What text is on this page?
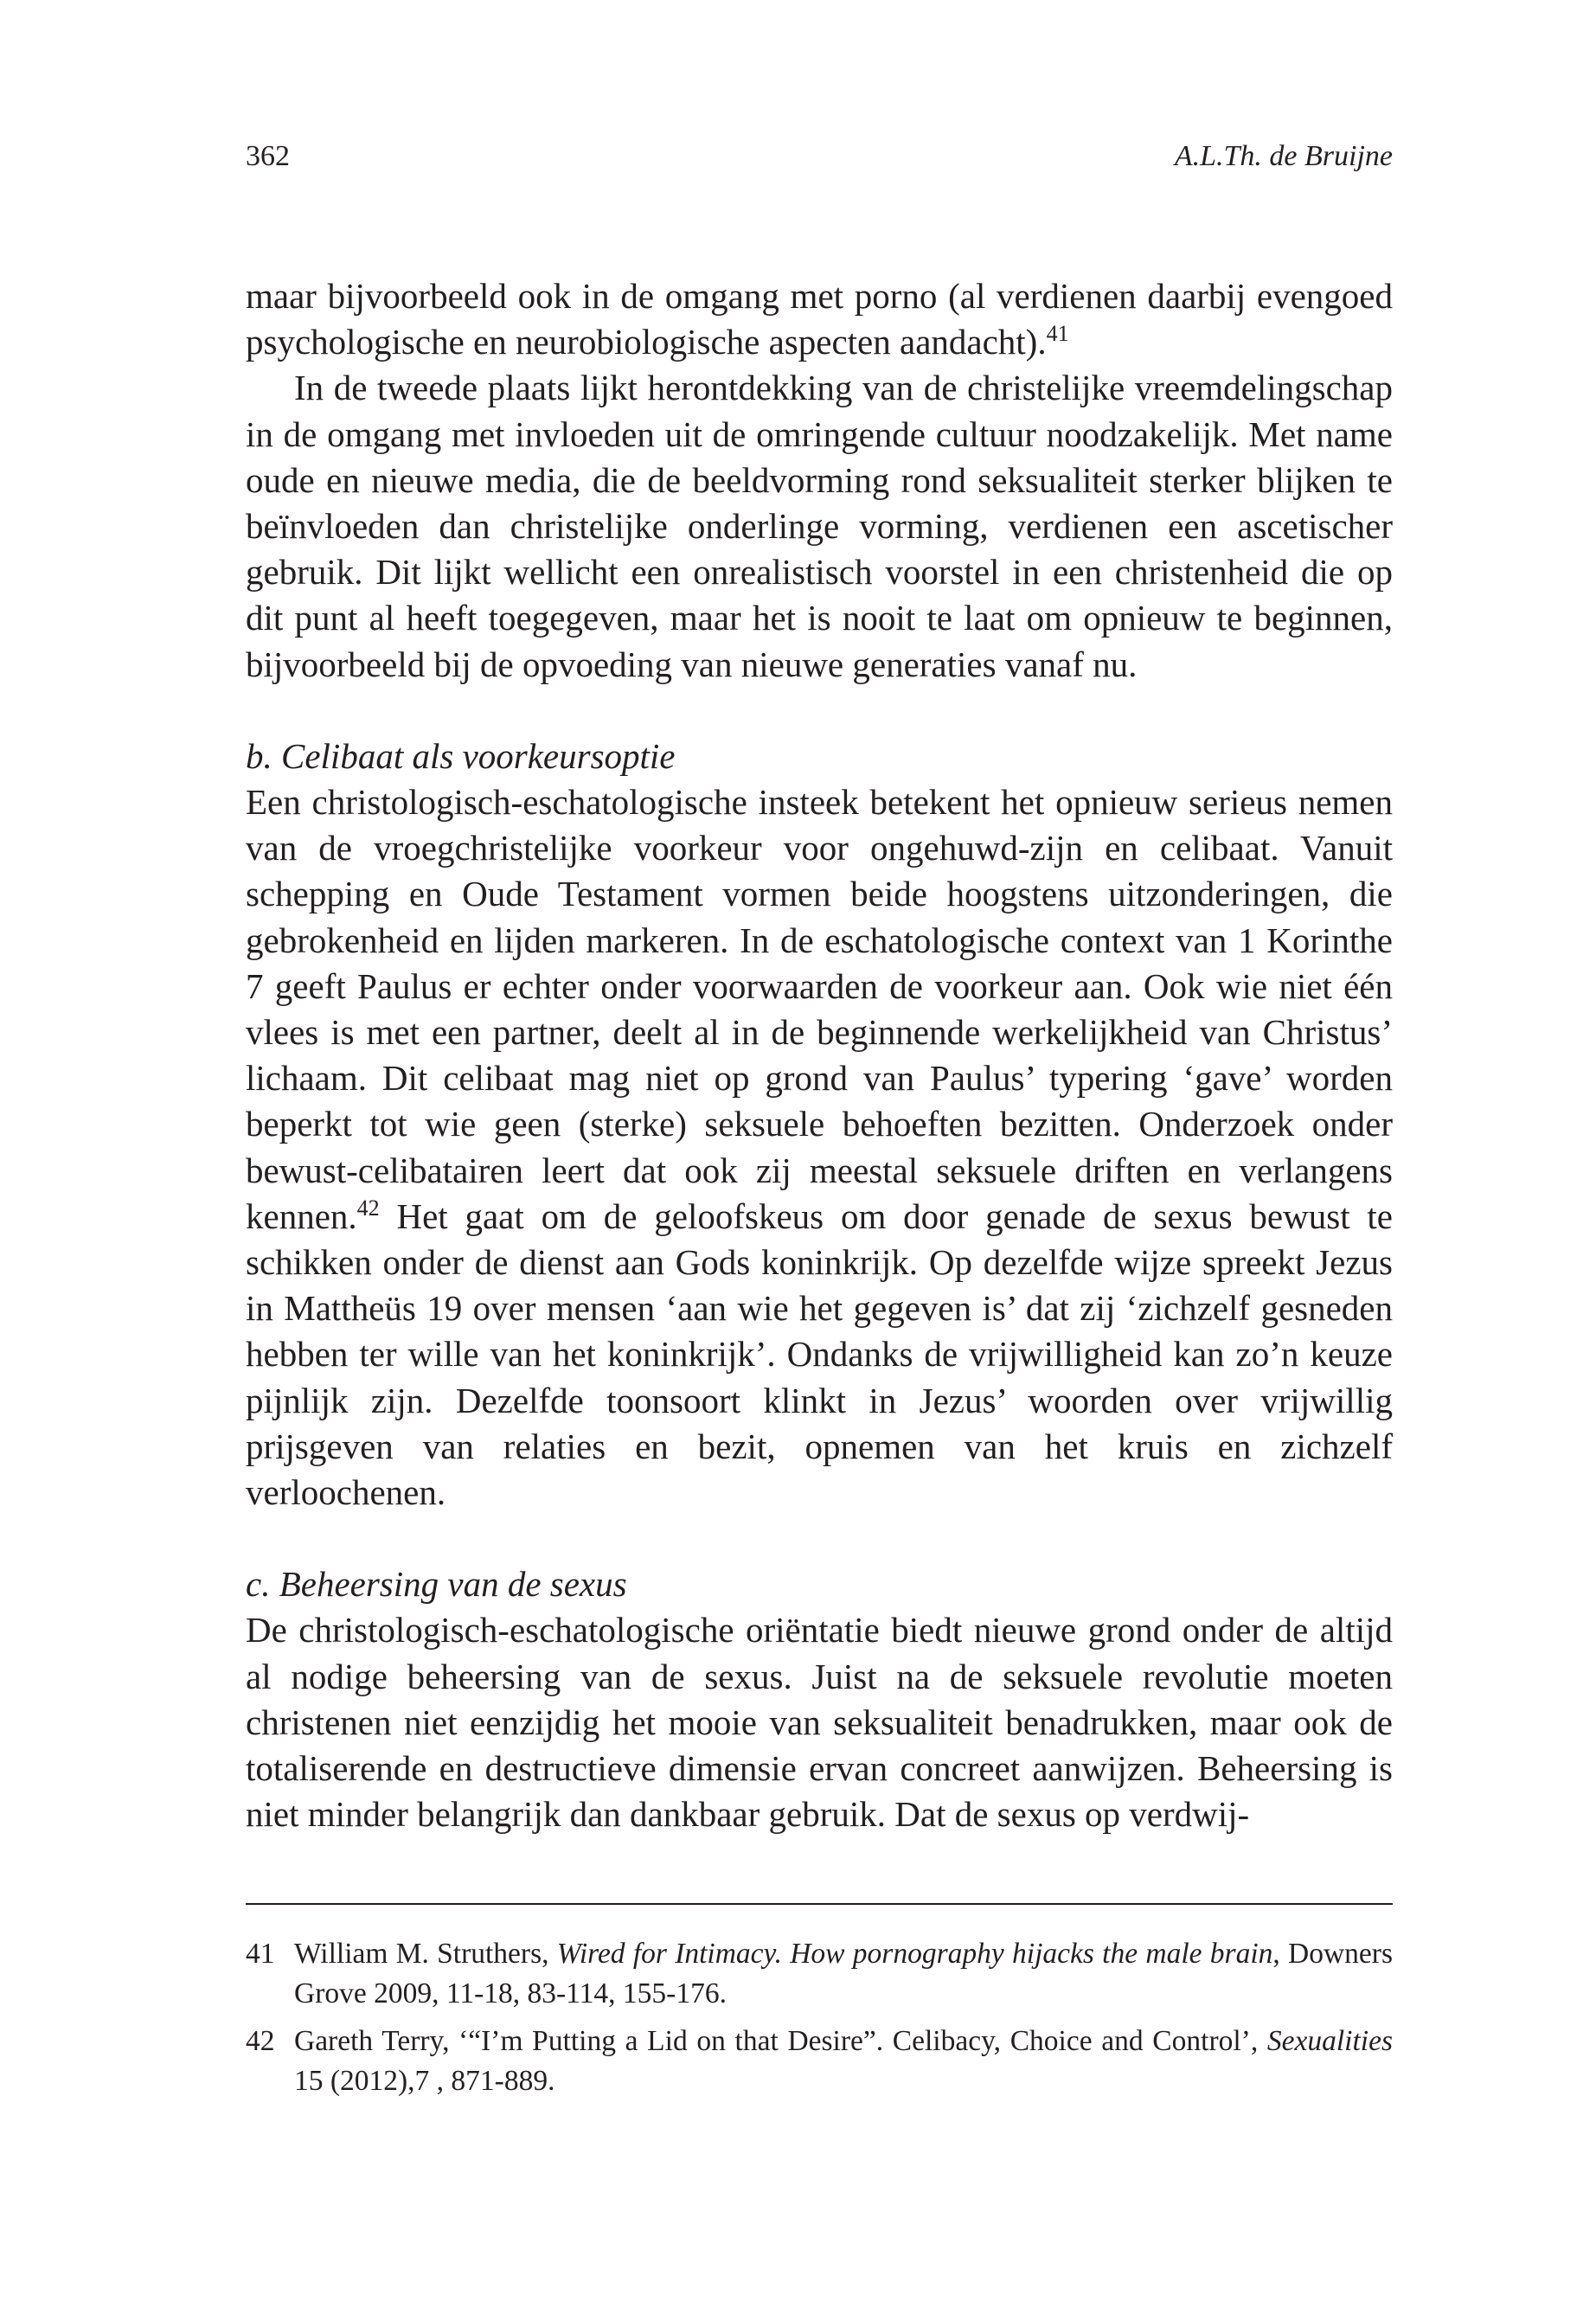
362	A.L.Th. de Bruijne

maar bijvoorbeeld ook in de omgang met porno (al verdienen daarbij evengoed psychologische en neurobiologische aspecten aandacht).$^{41}$

In de tweede plaats lijkt herontdekking van de christelijke vreemdelingschap in de omgang met invloeden uit de omringende cultuur noodzakelijk. Met name oude en nieuwe media, die de beeldvorming rond seksualiteit sterker blijken te beïnvloeden dan christelijke onderlinge vorming, verdienen een ascetischer gebruik. Dit lijkt wellicht een onrealistisch voorstel in een christenheid die op dit punt al heeft toegegeven, maar het is nooit te laat om opnieuw te beginnen, bijvoorbeeld bij de opvoeding van nieuwe generaties vanaf nu.

b. Celibaat als voorkeursoptie

Een christologisch-eschatologische insteek betekent het opnieuw serieus nemen van de vroegchristelijke voorkeur voor ongehuwd-zijn en celibaat. Vanuit schepping en Oude Testament vormen beide hoogstens uitzonderingen, die gebrokenheid en lijden markeren. In de eschatologische context van 1 Korinthe 7 geeft Paulus er echter onder voorwaarden de voorkeur aan. Ook wie niet één vlees is met een partner, deelt al in de beginnende werkelijkheid van Christus’ lichaam. Dit celibaat mag niet op grond van Paulus’ typering ‘gave’ worden beperkt tot wie geen (sterke) seksuele behoeften bezitten. Onderzoek onder bewust-celibatairen leert dat ook zij meestal seksuele driften en verlangens kennen.$^{42}$ Het gaat om de geloofskeus om door genade de sexus bewust te schikken onder de dienst aan Gods koninkrijk. Op dezelfde wijze spreekt Jezus in Mattheüs 19 over mensen ‘aan wie het gegeven is’ dat zij ‘zichzelf gesneden hebben ter wille van het koninkrijk’. Ondanks de vrijwilligheid kan zo’n keuze pijnlijk zijn. Dezelfde toonsoort klinkt in Jezus’ woorden over vrijwillig prijsgeven van relaties en bezit, opnemen van het kruis en zichzelf verloochenen.

c. Beheersing van de sexus

De christologisch-eschatologische oriëntatie biedt nieuwe grond onder de altijd al nodige beheersing van de sexus. Juist na de seksuele revolutie moeten christenen niet eenzijdig het mooie van seksualiteit benadrukken, maar ook de totaliserende en destructieve dimensie ervan concreet aanwijzen. Beheersing is niet minder belangrijk dan dankbaar gebruik. Dat de sexus op verdwij-

41 William M. Struthers, Wired for Intimacy. How pornography hijacks the male brain, Downers Grove 2009, 11-18, 83-114, 155-176.
42 Gareth Terry, ‘“I’m Putting a Lid on that Desire”. Celibacy, Choice and Control’, Sexualities 15 (2012),7 , 871-889.
